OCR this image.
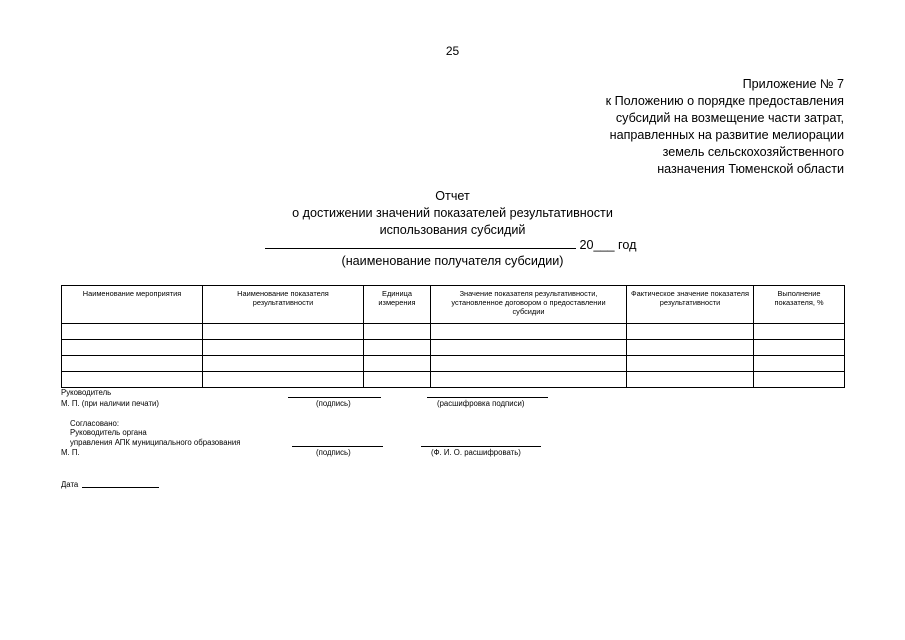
25
Приложение № 7
к Положению о порядке предоставления
субсидий на возмещение части затрат,
направленных на развитие мелиорации
земель сельскохозяйственного
назначения Тюменской области
Отчет
о достижении значений показателей результативности
использования субсидий
20___ год
(наименование получателя субсидии)
Наименование мероприятия	Наименование показателя результативности	Единица измерения	Значение показателя результативности, установленное договором о предоставлении субсидии	Фактическое значение показателя результативности	Выполнение показателя, %

Руководитель
М. П. (при наличии печати)	(подпись)	(расшифровка подписи)
Согласовано:
Руководитель органа
управления АПК муниципального образования
М. П.	(подпись)	(Ф. И. О. расшифровать)
Дата
